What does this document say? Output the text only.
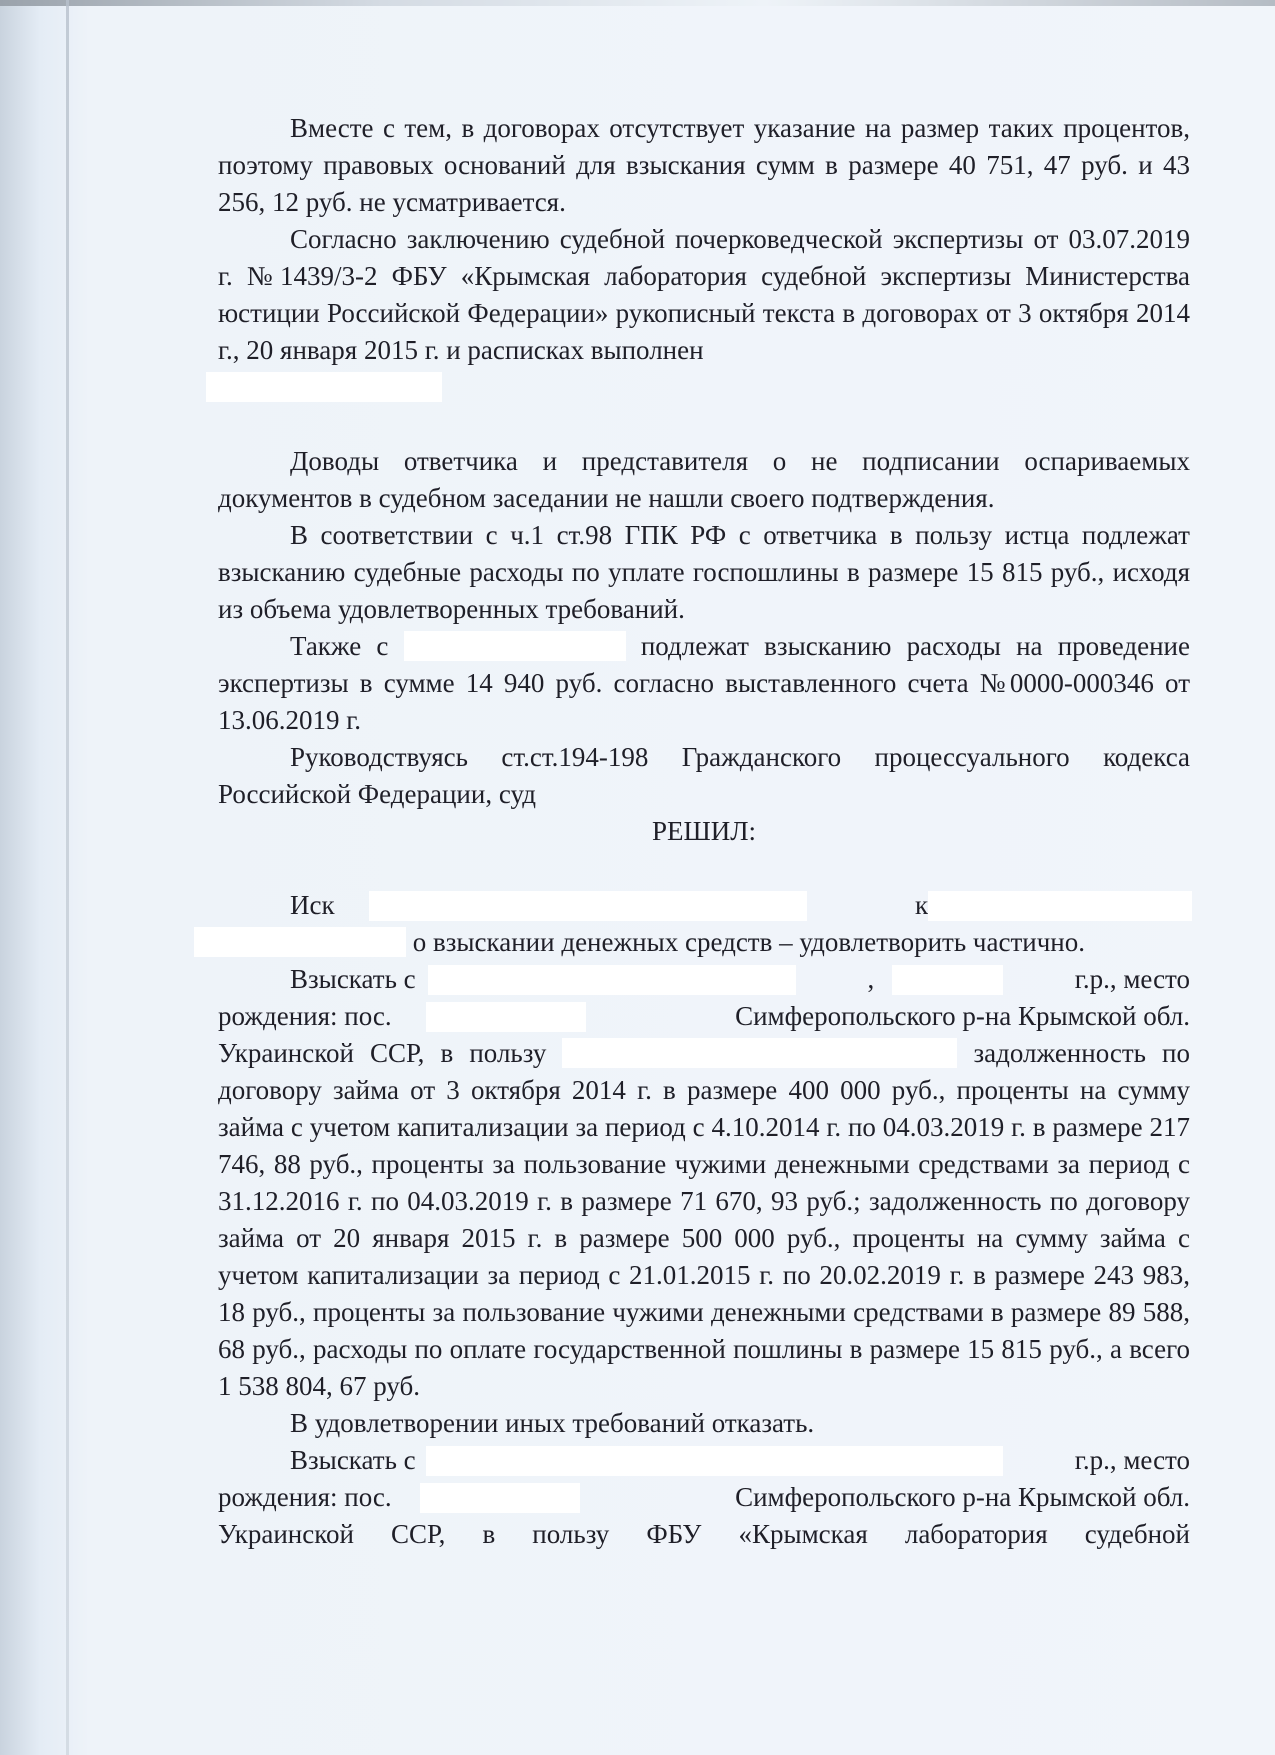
Вместе с тем, в договорах отсутствует указание на размер таких процентов, поэтому правовых оснований для взыскания сумм в размере 40 751, 47 руб. и 43 256, 12 руб. не усматривается.

Согласно заключению судебной почерковедческой экспертизы от 03.07.2019 г. №1439/3-2 ФБУ «Крымская лаборатория судебной экспертизы Министерства юстиции Российской Федерации» рукописный текста в договорах от 3 октября 2014 г., 20 января 2015 г. и расписках выполнен

Доводы ответчика и представителя о не подписании оспариваемых документов в судебном заседании не нашли своего подтверждения.

В соответствии с ч.1 ст.98 ГПК РФ с ответчика в пользу истца подлежат взысканию судебные расходы по уплате госпошлины в размере 15 815 руб., исходя из объема удовлетворенных требований.

Также с	подлежат взысканию расходы на проведение экспертизы в сумме 14 940 руб. согласно выставленного счета №0000-000346 от 13.06.2019 г.

Руководствуясь ст.ст.194-198 Гражданского процессуального кодекса Российской Федерации, суд

РЕШИЛ:

Иск	к

о взыскании денежных средств – удовлетворить частично.

Взыскать с	,	г.р., место

рождения: пос.	Симферопольского р-на Крымской обл.

Украинской ССР, в пользу	задолженность по договору займа от 3 октября 2014 г. в размере 400 000 руб., проценты на сумму займа с учетом капитализации за период с 4.10.2014 г. по 04.03.2019 г. в размере 217 746, 88 руб., проценты за пользование чужими денежными средствами за период с 31.12.2016 г. по 04.03.2019 г. в размере 71 670, 93 руб.; задолженность по договору займа от 20 января 2015 г. в размере 500 000 руб., проценты на сумму займа с учетом капитализации за период с 21.01.2015 г. по 20.02.2019 г. в размере 243 983, 18 руб., проценты за пользование чужими денежными средствами в размере 89 588, 68 руб., расходы по оплате государственной пошлины в размере 15 815 руб., а всего 1 538 804, 67 руб.

В удовлетворении иных требований отказать.

Взыскать с	г.р., место

рождения: пос.	Симферопольского р-на Крымской обл.

Украинской ССР, в пользу ФБУ «Крымская лаборатория судебной
